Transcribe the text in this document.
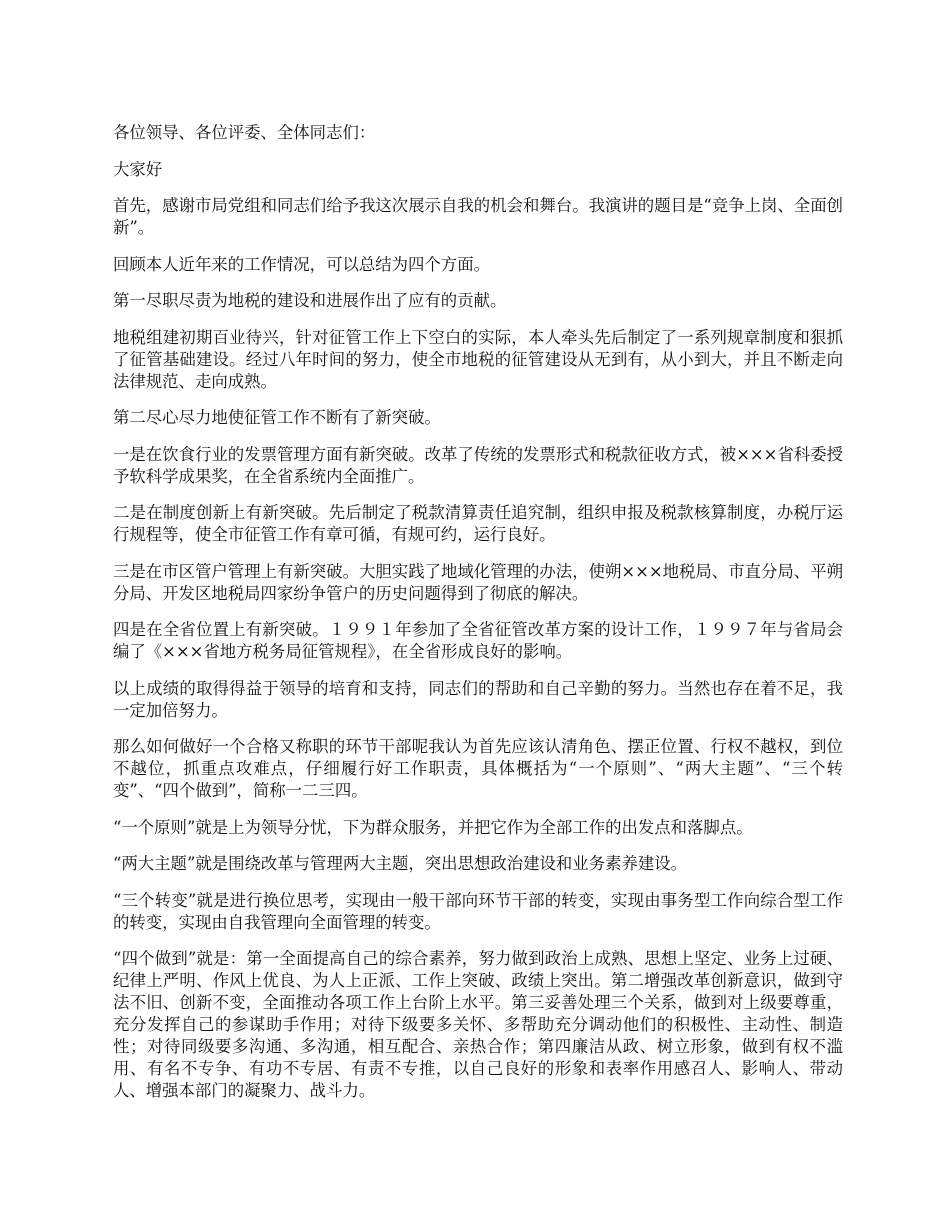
各位领导、各位评委、全体同志们：

大家好

首先，感谢市局党组和同志们给予我这次展示自我的机会和舞台。我演讲的题目是“竞争上岗、全面创新”。

回顾本人近年来的工作情况，可以总结为四个方面。

第一尽职尽责为地税的建设和进展作出了应有的贡献。

地税组建初期百业待兴，针对征管工作上下空白的实际，本人牵头先后制定了一系列规章制度和狠抓了征管基础建设。经过八年时间的努力，使全市地税的征管建设从无到有，从小到大，并且不断走向法律规范、走向成熟。

第二尽心尽力地使征管工作不断有了新突破。

一是在饮食行业的发票管理方面有新突破。改革了传统的发票形式和税款征收方式，被×××省科委授予软科学成果奖，在全省系统内全面推广。

二是在制度创新上有新突破。先后制定了税款清算责任追究制，组织申报及税款核算制度，办税厅运行规程等，使全市征管工作有章可循，有规可约，运行良好。

三是在市区管户管理上有新突破。大胆实践了地域化管理的办法，使朔×××地税局、市直分局、平朔分局、开发区地税局四家纷争管户的历史问题得到了彻底的解决。

四是在全省位置上有新突破。１９９１年参加了全省征管改革方案的设计工作，１９９７年与省局会编了《×××省地方税务局征管规程》，在全省形成良好的影响。

以上成绩的取得得益于领导的培育和支持，同志们的帮助和自己辛勤的努力。当然也存在着不足，我一定加倍努力。

那么如何做好一个合格又称职的环节干部呢我认为首先应该认清角色、摆正位置、行权不越权，到位不越位，抓重点攻难点，仔细履行好工作职责，具体概括为“一个原则”、“两大主题”、“三个转变”、“四个做到”，简称一二三四。

“一个原则”就是上为领导分忧，下为群众服务，并把它作为全部工作的出发点和落脚点。

“两大主题”就是围绕改革与管理两大主题，突出思想政治建设和业务素养建设。

“三个转变”就是进行换位思考，实现由一般干部向环节干部的转变，实现由事务型工作向综合型工作的转变，实现由自我管理向全面管理的转变。

“四个做到”就是：第一全面提高自己的综合素养，努力做到政治上成熟、思想上坚定、业务上过硬、纪律上严明、作风上优良、为人上正派、工作上突破、政绩上突出。第二增强改革创新意识，做到守法不旧、创新不变，全面推动各项工作上台阶上水平。第三妥善处理三个关系，做到对上级要尊重，充分发挥自己的参谋助手作用；对待下级要多关怀、多帮助充分调动他们的积极性、主动性、制造性；对待同级要多沟通、多沟通，相互配合、亲热合作；第四廉洁从政、树立形象，做到有权不滥用、有名不专争、有功不专居、有责不专推，以自己良好的形象和表率作用感召人、影响人、带动人、增强本部门的凝聚力、战斗力。
